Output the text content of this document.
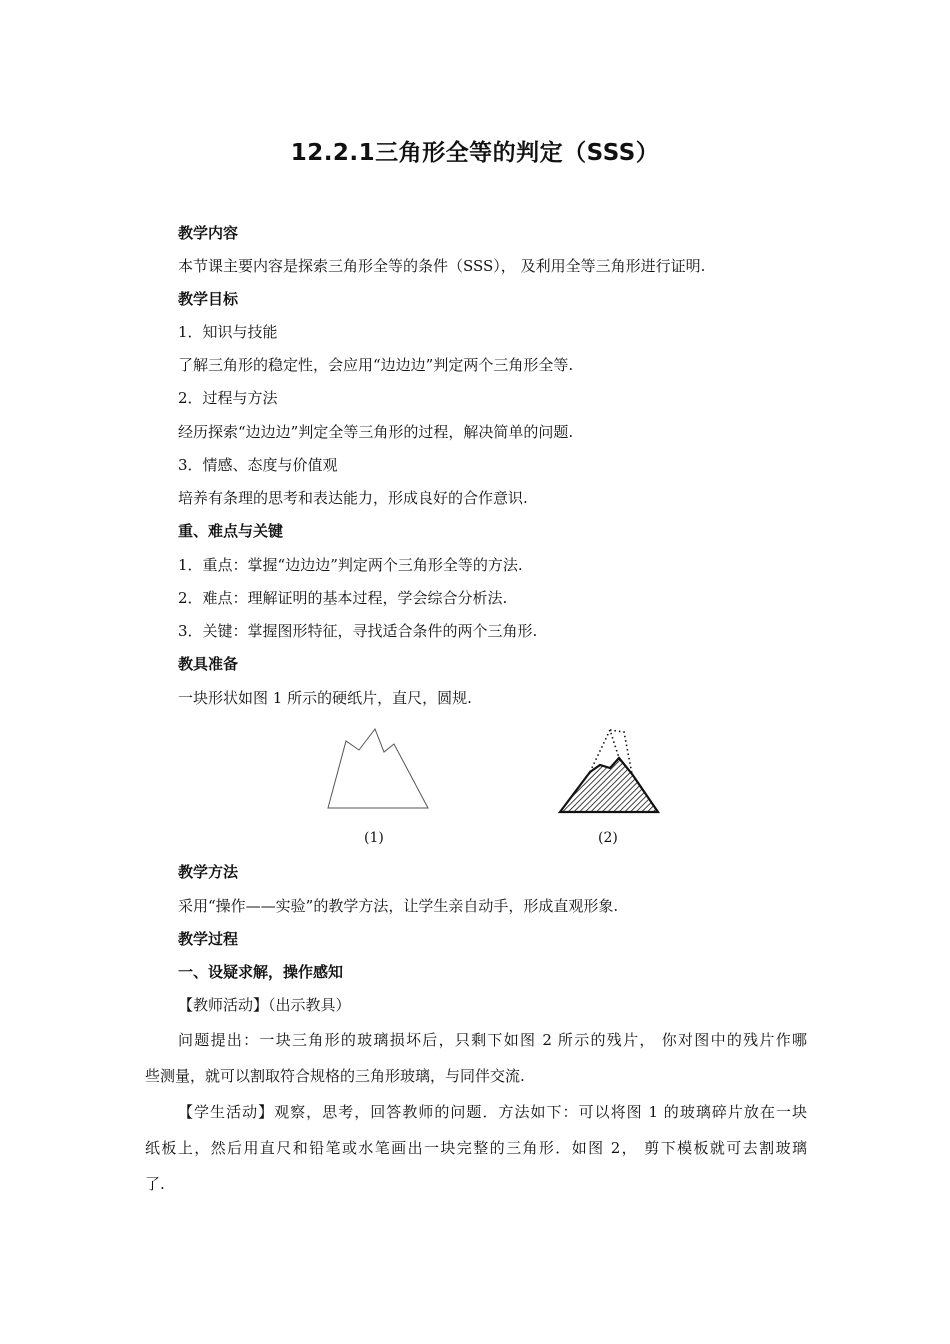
12.2.1三角形全等的判定（SSS）
教学内容
本节课主要内容是探索三角形全等的条件（SSS）， 及利用全等三角形进行证明.
教学目标
1．知识与技能
了解三角形的稳定性，会应用“边边边”判定两个三角形全等.
2．过程与方法
经历探索“边边边”判定全等三角形的过程，解决简单的问题.
3．情感、态度与价值观
培养有条理的思考和表达能力，形成良好的合作意识.
重、难点与关键
1．重点：掌握“边边边”判定两个三角形全等的方法.
2．难点：理解证明的基本过程，学会综合分析法.
3．关键：掌握图形特征，寻找适合条件的两个三角形.
教具准备
一块形状如图 1 所示的硬纸片，直尺，圆规.
(1)	(2)
教学方法
采用“操作——实验”的教学方法，让学生亲自动手，形成直观形象.
教学过程
一、设疑求解，操作感知
【教师活动】（出示教具）
问题提出：一块三角形的玻璃损坏后，只剩下如图 2 所示的残片， 你对图中的残片作哪
些测量，就可以割取符合规格的三角形玻璃，与同伴交流.
【学生活动】观察，思考，回答教师的问题．方法如下：可以将图 1 的玻璃碎片放在一块
纸板上，然后用直尺和铅笔或水笔画出一块完整的三角形．如图 2， 剪下模板就可去割玻璃
了.
